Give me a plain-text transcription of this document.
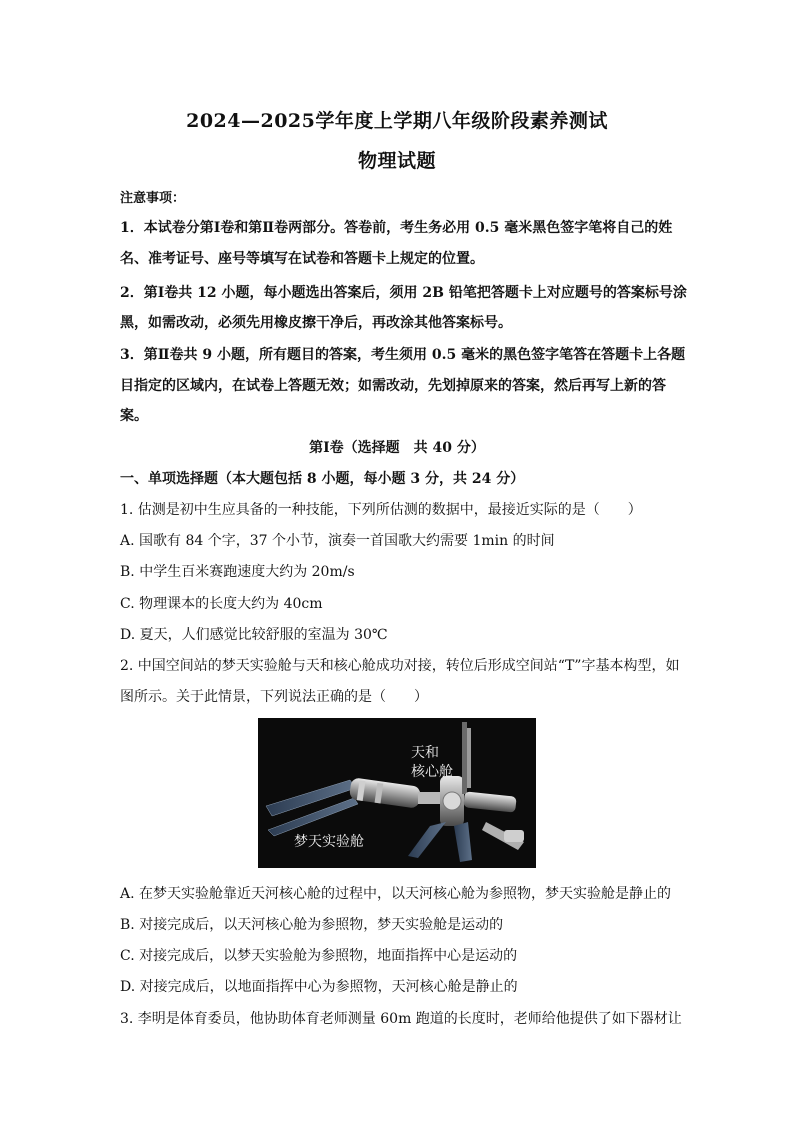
2024—2025学年度上学期八年级阶段素养测试
物理试题
注意事项：
1．本试卷分第Ⅰ卷和第Ⅱ卷两部分。答卷前，考生务必用 0.5 毫米黑色签字笔将自己的姓
名、准考证号、座号等填写在试卷和答题卡上规定的位置。
2．第Ⅰ卷共 12 小题，每小题选出答案后，须用 2B 铅笔把答题卡上对应题号的答案标号涂
黑，如需改动，必须先用橡皮擦干净后，再改涂其他答案标号。
3．第Ⅱ卷共 9 小题，所有题目的答案，考生须用 0.5 毫米的黑色签字笔答在答题卡上各题
目指定的区域内，在试卷上答题无效；如需改动，先划掉原来的答案，然后再写上新的答
案。
第Ⅰ卷（选择题　共 40 分）
一、单项选择题（本大题包括 8 小题，每小题 3 分，共 24 分）
1. 估测是初中生应具备的一种技能，下列所估测的数据中，最接近实际的是（　　）
A. 国歌有 84 个字，37 个小节，演奏一首国歌大约需要 1min 的时间
B. 中学生百米赛跑速度大约为 20m/s
C. 物理课本的长度大约为 40cm
D. 夏天，人们感觉比较舒服的室温为 30℃
2. 中国空间站的梦天实验舱与天和核心舱成功对接，转位后形成空间站“T”字基本构型，如
图所示。关于此情景，下列说法正确的是（　　）
天和
核心舱
梦天实验舱
A. 在梦天实验舱靠近天河核心舱的过程中，以天河核心舱为参照物，梦天实验舱是静止的
B. 对接完成后，以天河核心舱为参照物，梦天实验舱是运动的
C. 对接完成后，以梦天实验舱为参照物，地面指挥中心是运动的
D. 对接完成后，以地面指挥中心为参照物，天河核心舱是静止的
3. 李明是体育委员，他协助体育老师测量 60m 跑道的长度时，老师给他提供了如下器材让
